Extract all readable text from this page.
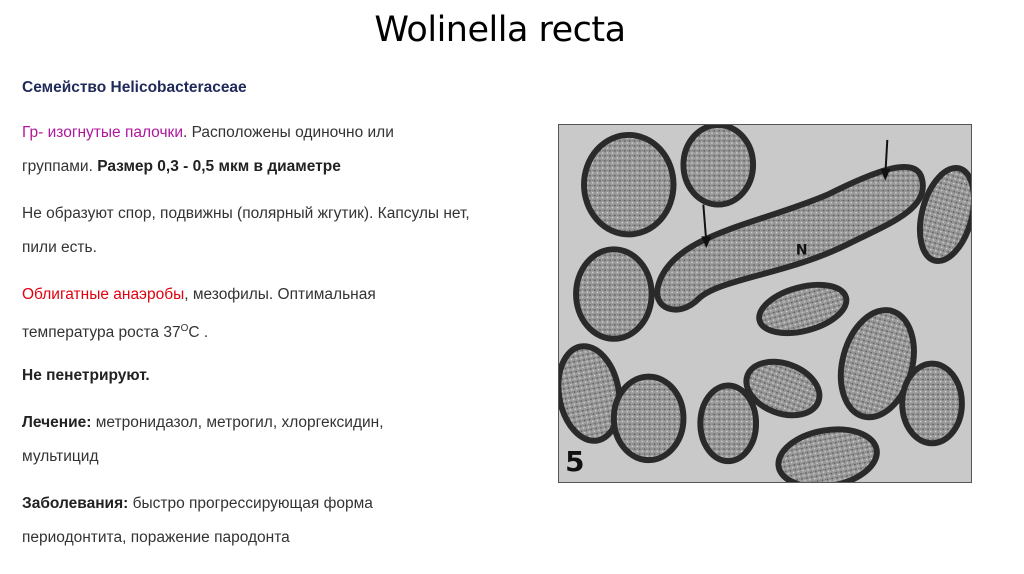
Wolinella recta

Семейство Helicobacteraceae

Гр- изогнутые палочки. Расположены одиночно или группами. Размер 0,3 - 0,5 мкм в диаметре

Не образуют спор, подвижны (полярный жгутик). Капсулы нет, пили есть.

Облигатные анаэробы, мезофилы. Оптимальная температура роста $37^ОС$ .

Не пенетрируют.

Лечение: метронидазол, метрогил, хлоргексидин, мультицид

Заболевания: быстро прогрессирующая форма периодонтита, поражение пародонта

N
5
